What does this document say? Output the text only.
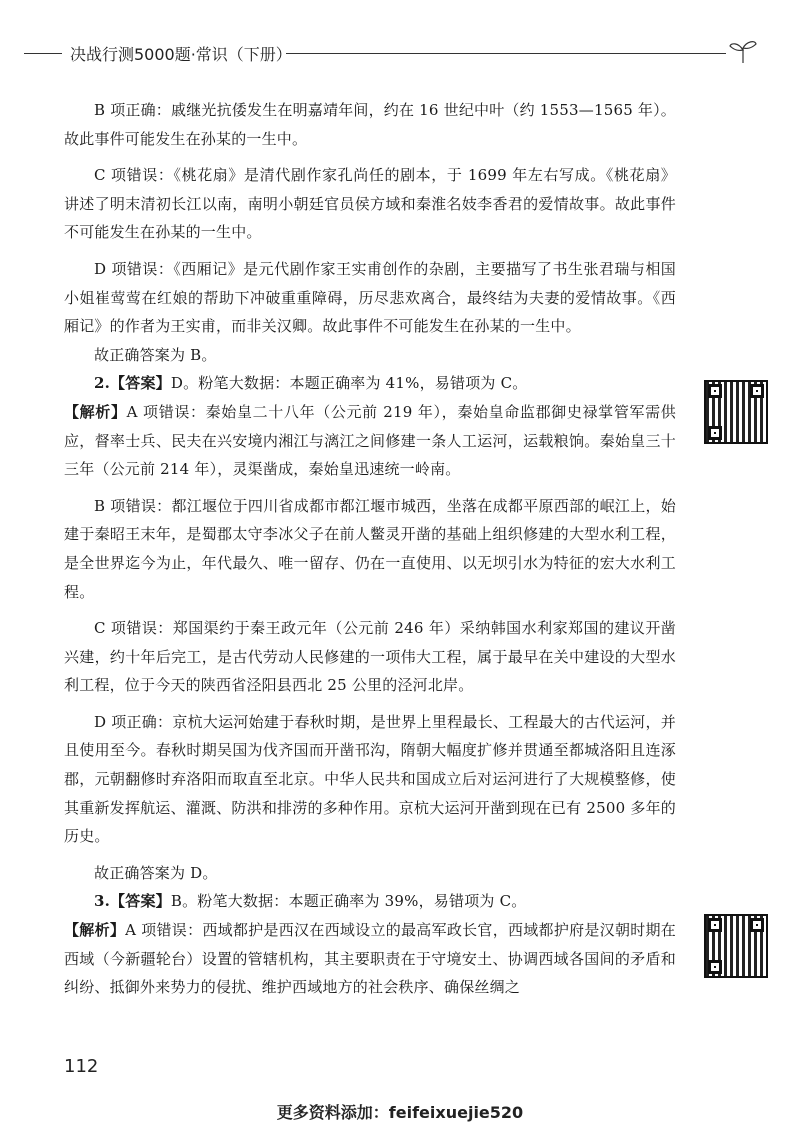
决战行测5000题·常识（下册）

B 项正确：戚继光抗倭发生在明嘉靖年间，约在 16 世纪中叶（约 1553—1565 年）。故此事件可能发生在孙某的一生中。

C 项错误：《桃花扇》是清代剧作家孔尚任的剧本，于 1699 年左右写成。《桃花扇》讲述了明末清初长江以南，南明小朝廷官员侯方域和秦淮名妓李香君的爱情故事。故此事件不可能发生在孙某的一生中。

D 项错误：《西厢记》是元代剧作家王实甫创作的杂剧，主要描写了书生张君瑞与相国小姐崔莺莺在红娘的帮助下冲破重重障碍，历尽悲欢离合，最终结为夫妻的爱情故事。《西厢记》的作者为王实甫，而非关汉卿。故此事件不可能发生在孙某的一生中。

故正确答案为 B。

2.【答案】D。粉笔大数据：本题正确率为 41%，易错项为 C。

【解析】A 项错误：秦始皇二十八年（公元前 219 年），秦始皇命监郡御史禄掌管军需供应，督率士兵、民夫在兴安境内湘江与漓江之间修建一条人工运河，运载粮饷。秦始皇三十三年（公元前 214 年），灵渠凿成，秦始皇迅速统一岭南。

B 项错误：都江堰位于四川省成都市都江堰市城西，坐落在成都平原西部的岷江上，始建于秦昭王末年，是蜀郡太守李冰父子在前人鳖灵开凿的基础上组织修建的大型水利工程，是全世界迄今为止，年代最久、唯一留存、仍在一直使用、以无坝引水为特征的宏大水利工程。

C 项错误：郑国渠约于秦王政元年（公元前 246 年）采纳韩国水利家郑国的建议开凿兴建，约十年后完工，是古代劳动人民修建的一项伟大工程，属于最早在关中建设的大型水利工程，位于今天的陕西省泾阳县西北 25 公里的泾河北岸。

D 项正确：京杭大运河始建于春秋时期，是世界上里程最长、工程最大的古代运河，并且使用至今。春秋时期吴国为伐齐国而开凿邗沟，隋朝大幅度扩修并贯通至都城洛阳且连涿郡，元朝翻修时弃洛阳而取直至北京。中华人民共和国成立后对运河进行了大规模整修，使其重新发挥航运、灌溉、防洪和排涝的多种作用。京杭大运河开凿到现在已有 2500 多年的历史。

故正确答案为 D。

3.【答案】B。粉笔大数据：本题正确率为 39%，易错项为 C。

【解析】A 项错误：西域都护是西汉在西域设立的最高军政长官，西域都护府是汉朝时期在西域（今新疆轮台）设置的管辖机构，其主要职责在于守境安土、协调西域各国间的矛盾和纠纷、抵御外来势力的侵扰、维护西域地方的社会秩序、确保丝绸之

112
更多资料添加：feifeixuejie520
